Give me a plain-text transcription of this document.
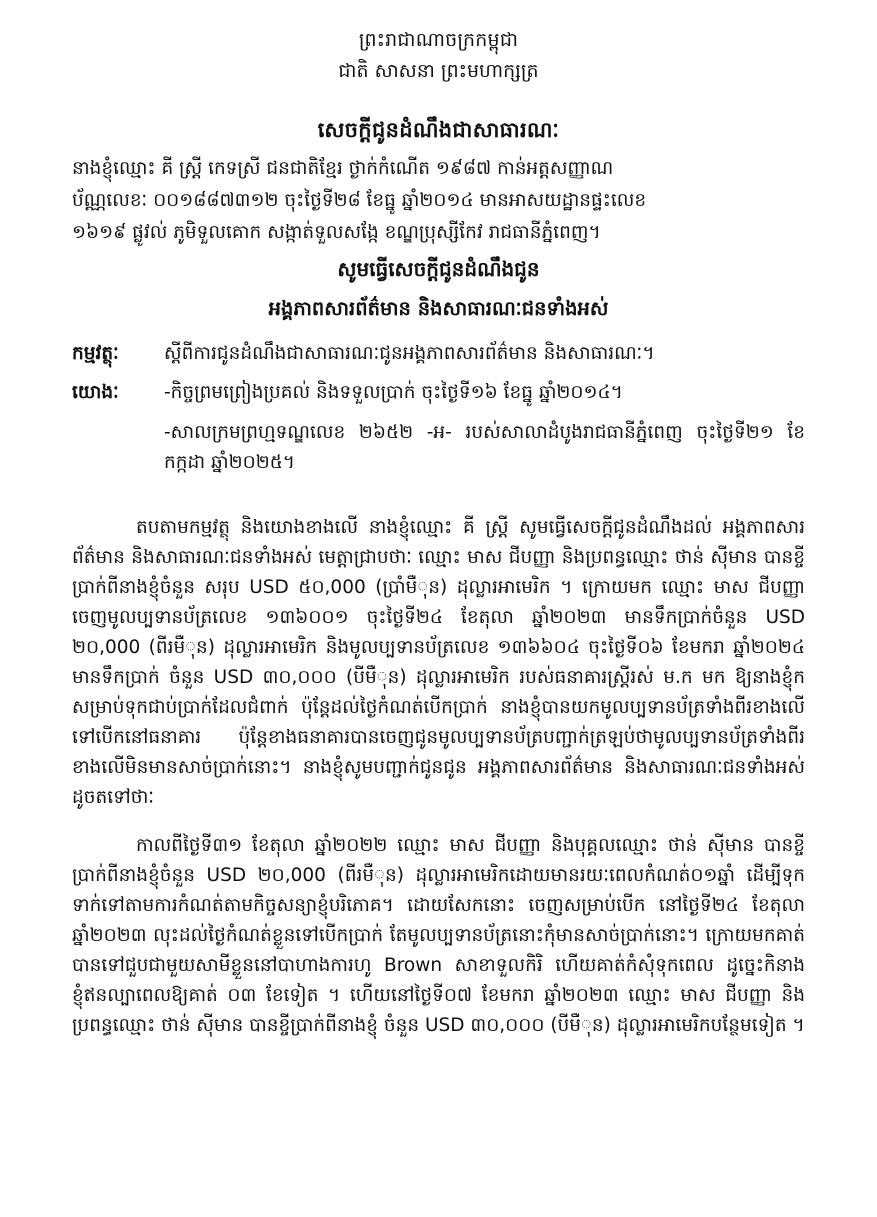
ព្រះរាជាណាចក្រកម្ពុជា

ជាតិ សាសនា ព្រះមហាក្សត្រ

សេចក្តីជូនដំណឹងជាសាធារណៈ

នាងខ្ញុំឈ្មោះ គី ស្រី្ត កេទស្រី ជនជាតិខ្មែរ ថ្ងាក់កំណើត ១៩៨៧ កាន់អត្តសញ្ញាណ

ប័ណ្ណលេខៈ ០០១៨៨៧៣១២ ចុះថ្ងៃទី២៨ ខែធ្នូ ឆ្នាំ២០១៤ មានអាសយដ្ឋានផ្ទះលេខ

១៦១៩ ផ្លូវល់ ភូមិទួលគោក សង្កាត់ទួលសង្កែ ខណ្ឌប្រុស្សីកែវ រាជធានីភ្នំពេញ។

សូមធ្វើសេចក្តីជូនដំណឹងជូន

អង្គភាពសារព័ត៌មាន និងសាធារណៈជនទាំងអស់

កម្មវត្ថុៈ	ស្តីពីការជូនដំណឹងជាសាធារណៈជូនអង្គភាពសារព័ត៌មាន និងសាធារណៈ។
យោងៈ	-កិច្ចព្រមព្រៀងប្រគល់ និងទទួលប្រាក់ ចុះថ្ងៃទី១៦ ខែធ្នូ ឆ្នាំ២០១៤។
-សាលក្រមព្រហ្មទណ្ឌលេខ ២៦៥២ -អ- របស់សាលាដំបូងរាជធានីភ្នំពេញ ចុះថ្ងៃទី២១ ខែកក្កដា ឆ្នាំ២០២៥។

តបតាមកម្មវត្ថុ និងយោងខាងលើ នាងខ្ញុំឈ្មោះ គី ស្រី្ត សូមធ្វើសេចក្តីជូនដំណឹងដល់ អង្គភាពសារព័ត៌មាន និងសាធារណៈជនទាំងអស់ មេត្តាជ្រាបថាៈ ឈ្មោះ មាស ជីបញ្ញា និងប្រពន្ធឈ្មោះ ថាន់ ស៊ីមាន បានខ្ចីប្រាក់ពីនាងខ្ញុំចំនួន សរុប USD ៥០,000 (ប្រាំមឺុន) ដុល្លារអាមេរិក ។ ក្រោយមក ឈ្មោះ មាស ជីបញ្ញា ចេញមូលប្បទានប័ត្រលេខ ១៣៦០០១ ចុះថ្ងៃទី២៤ ខែតុលា ឆ្នាំ២០២៣ មានទឹកប្រាក់ចំនួន USD ២០,000 (ពីរមឺុន) ដុល្លារអាមេរិក និងមូលប្បទានប័ត្រលេខ ១៣៦៦០៤ ចុះថ្ងៃទី០៦ ខែមករា ឆ្នាំ២០២៤ មានទឹកប្រាក់ ចំនួន USD ៣០,០០០ (បីមឺុន) ដុល្លារអាមេរិក របស់ធនាគារស្រ្តីរស់ ម.ក មក ឱ្យនាងខ្ញុំកសម្រាប់ទុកជាប់ប្រាក់ដែលជំពាក់ ប៉ុន្តែដល់ថ្ងៃកំណត់បើកប្រាក់ នាងខ្ញុំបានយកមូលប្បទានប័ត្រទាំងពីរខាងលើទៅបើកនៅធនាគារ ប៉ុន្តែខាងធនាគារបានចេញជូនមូលប្បទានប័ត្របញ្ជាក់ត្រឡប់ថាមូលប្បទានប័ត្រទាំងពីរខាងលើមិនមានសាច់ប្រាក់នោះ។ នាងខ្ញុំសូមបញ្ជាក់ជូនជូន អង្គភាពសារព័ត៌មាន និងសាធារណៈជនទាំងអស់ដូចតទៅថាៈ

កាលពីថ្ងៃទី៣១ ខែតុលា ឆ្នាំ២០២២ ឈ្មោះ មាស ជីបញ្ញា និងបុគ្គលឈ្មោះ ថាន់ ស៊ីមាន បានខ្ចីប្រាក់ពីនាងខ្ញុំចំនួន USD ២០,000 (ពីរមឺុន) ដុល្លារអាមេរិកដោយមានរយៈពេលកំណត់០១ឆ្នាំ ដើម្បីទុកទាក់ទៅតាមការកំណត់តាមកិច្ចសន្យាខ្ញុំបរិភោគ។ ដោយសែកនោះ ចេញសម្រាប់បើក នៅថ្ងៃទី២៤ ខែតុលា ឆ្នាំ២០២៣ លុះដល់ថ្ងៃកំណត់ខ្លួនទៅបើកប្រាក់ តែមូលប្បទានប័ត្រនោះកុំមានសាច់ប្រាក់នោះ។ ក្រោយមកគាត់បានទៅជួបជាមួយសាមីខ្លួននៅបាហាងការហូ Brown សាខាទួលកិរិ ហើយគាត់កំសុំទុកពេល ដូច្នេះកិនាងខ្ញុំឥនល្បាពេលឱ្យគាត់ ០៣ ខែទៀត ។ ហើយនៅថ្ងៃទី០៧ ខែមករា ឆ្នាំ២០២៣ ឈ្មោះ មាស ជីបញ្ញា និងប្រពន្ធឈ្មោះ ថាន់ ស៊ីមាន បានខ្ចីប្រាក់ពីនាងខ្ញុំ ចំនួន USD ៣០,០០០ (បីមឺុន) ដុល្លារអាមេរិកបន្ថែមទៀត ។
